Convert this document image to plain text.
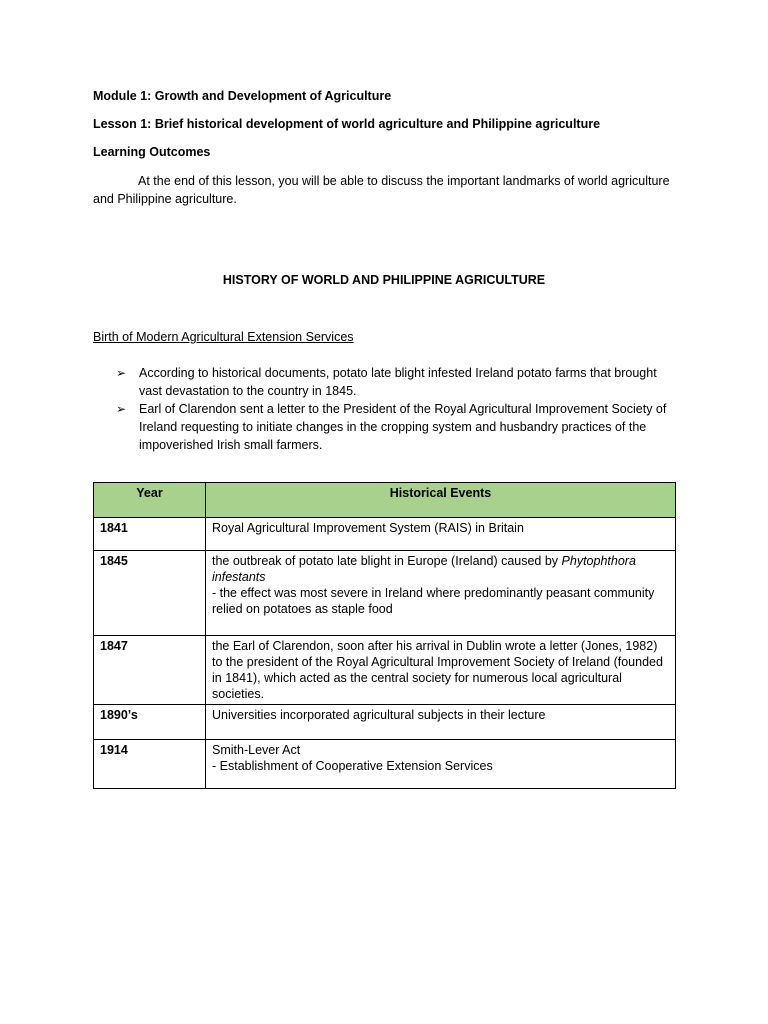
Module 1: Growth and Development of Agriculture
Lesson 1: Brief historical development of world agriculture and Philippine agriculture
Learning Outcomes
At the end of this lesson, you will be able to discuss the important landmarks of world agriculture and Philippine agriculture.
HISTORY OF WORLD AND PHILIPPINE AGRICULTURE
Birth of Modern Agricultural Extension Services
➢ According to historical documents, potato late blight infested Ireland potato farms that brought vast devastation to the country in 1845.
➢ Earl of Clarendon sent a letter to the President of the Royal Agricultural Improvement Society of Ireland requesting to initiate changes in the cropping system and husbandry practices of the impoverished Irish small farmers.
Year	Historical Events
1841	Royal Agricultural Improvement System (RAIS) in Britain
1845	the outbreak of potato late blight in Europe (Ireland) caused by Phytophthora infestants
- the effect was most severe in Ireland where predominantly peasant community relied on potatoes as staple food
1847	the Earl of Clarendon, soon after his arrival in Dublin wrote a letter (Jones, 1982) to the president of the Royal Agricultural Improvement Society of Ireland (founded in 1841), which acted as the central society for numerous local agricultural societies.
1890’s	Universities incorporated agricultural subjects in their lecture
1914	Smith-Lever Act
- Establishment of Cooperative Extension Services
